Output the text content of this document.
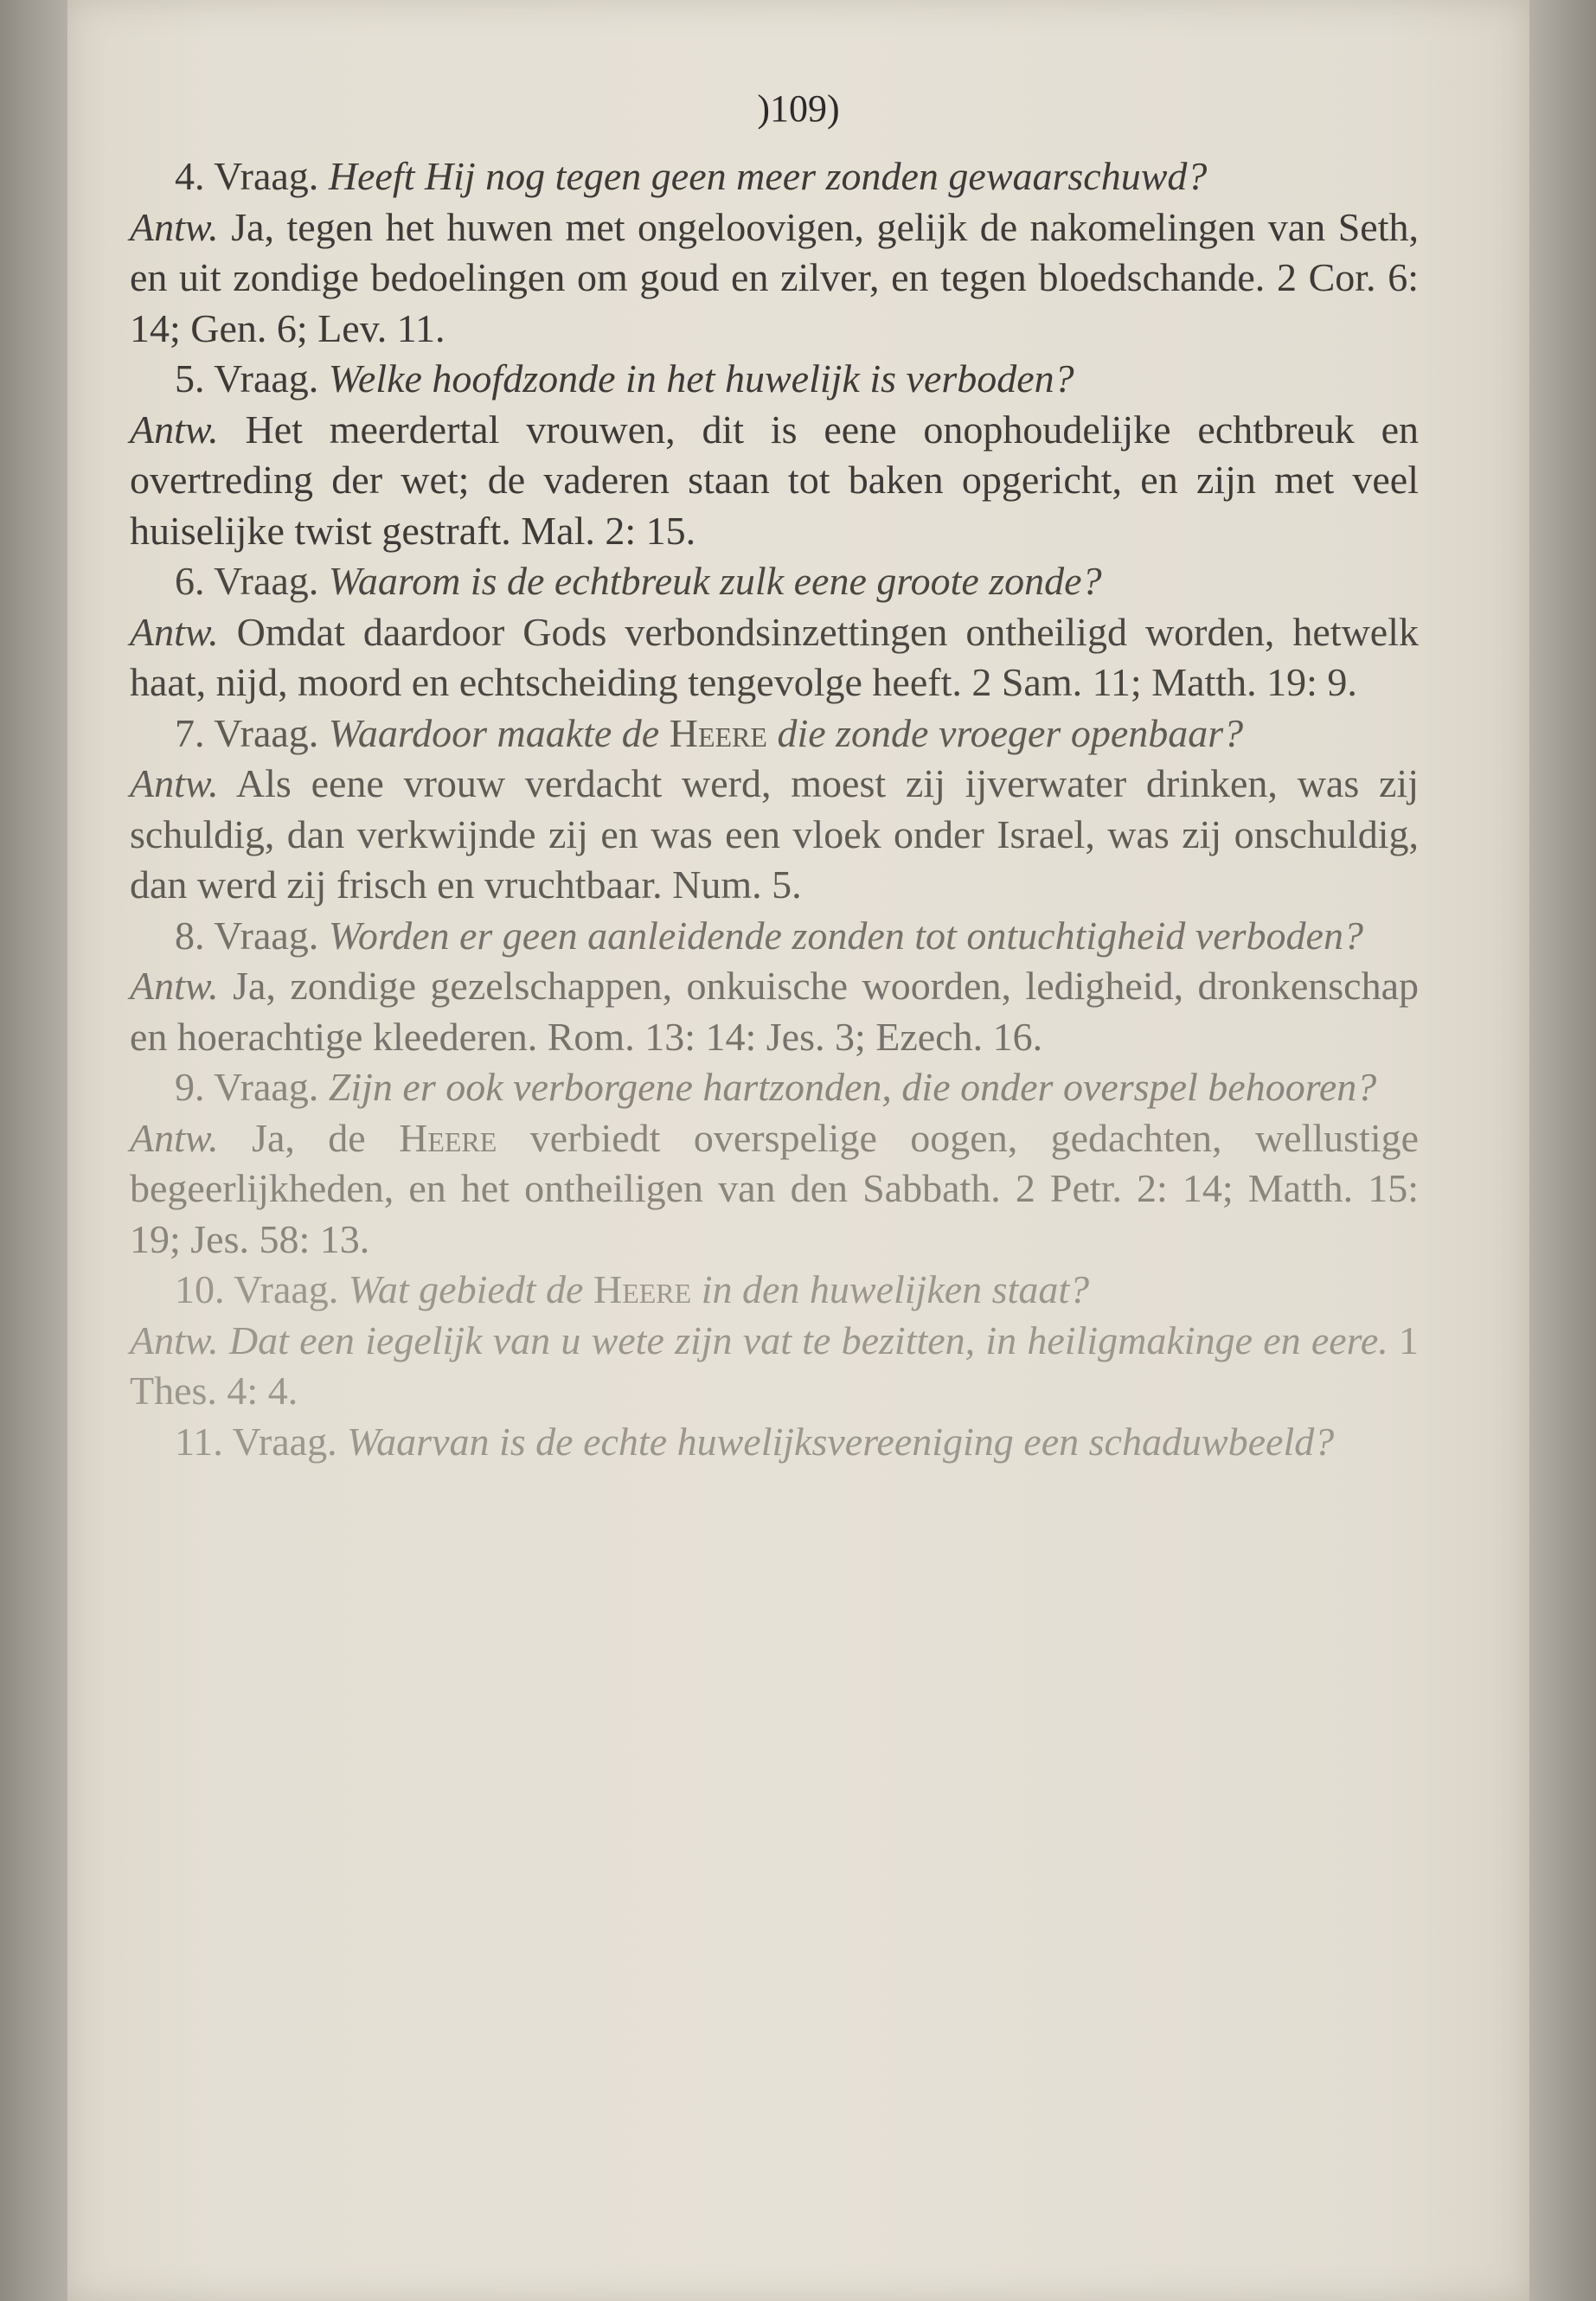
)109)

4. Vraag. Heeft Hij nog tegen geen meer zonden gewaarschuwd?

Antw. Ja, tegen het huwen met ongeloovigen, gelijk de nakomelingen van Seth, en uit zondige bedoelingen om goud en zilver, en tegen bloedschande. 2 Cor. 6: 14; Gen. 6; Lev. 11.

5. Vraag. Welke hoofdzonde in het huwelijk is verboden?

Antw. Het meerdertal vrouwen, dit is eene onophoudelijke echtbreuk en overtreding der wet; de vaderen staan tot baken opgericht, en zijn met veel huiselijke twist gestraft. Mal. 2: 15.

6. Vraag. Waarom is de echtbreuk zulk eene groote zonde?

Antw. Omdat daardoor Gods verbondsinzettingen ontheiligd worden, hetwelk haat, nijd, moord en echtscheiding tengevolge heeft. 2 Sam. 11; Matth. 19: 9.

7. Vraag. Waardoor maakte de Heere die zonde vroeger openbaar?

Antw. Als eene vrouw verdacht werd, moest zij ijverwater drinken, was zij schuldig, dan verkwijnde zij en was een vloek onder Israel, was zij onschuldig, dan werd zij frisch en vruchtbaar. Num. 5.

8. Vraag. Worden er geen aanleidende zonden tot ontuchtigheid verboden?

Antw. Ja, zondige gezelschappen, onkuische woorden, ledigheid, dronkenschap en hoerachtige kleederen. Rom. 13: 14: Jes. 3; Ezech. 16.

9. Vraag. Zijn er ook verborgene hartzonden, die onder overspel behooren?

Antw. Ja, de Heere verbiedt overspelige oogen, gedachten, wellustige begeerlijkheden, en het ontheiligen van den Sabbath. 2 Petr. 2: 14; Matth. 15: 19; Jes. 58: 13.

10. Vraag. Wat gebiedt de Heere in den huwelijken staat?

Antw. Dat een iegelijk van u wete zijn vat te bezitten, in heiligmakinge en eere. 1 Thes. 4: 4.

11. Vraag. Waarvan is de echte huwelijksvereeniging een schaduwbeeld?
